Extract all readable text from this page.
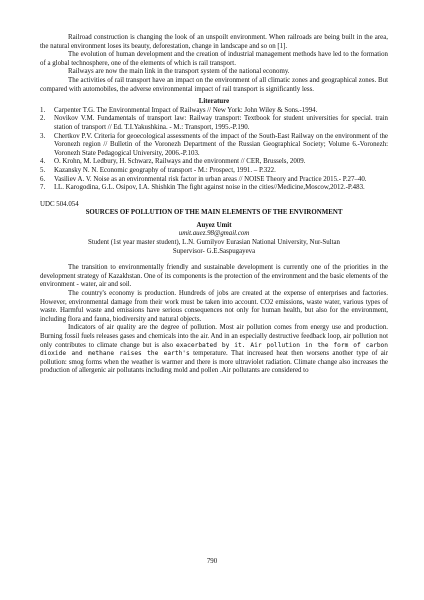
Railroad construction is changing the look of an unspoilt environment. When railroads are being built in the area, the natural environment loses its beauty, deforestation, change in landscape and so on [1].

The evolution of human development and the creation of industrial management methods have led to the formation of a global technosphere, one of the elements of which is rail transport.

Railways are now the main link in the transport system of the national economy.

The activities of rail transport have an impact on the environment of all climatic zones and geographical zones. But compared with automobiles, the adverse environmental impact of rail transport is significantly less.

Literature

1.	Carpenter T.G. The Environmental Impact of Railways // New York: John Wiley & Sons.-1994.
2.	Novikov V.M. Fundamentals of transport law: Railway transport: Textbook for student universities for special. train station of transport // Ed. T.I.Yakushkina. - M.: Transport, 1995.-P.190.
3.	Chertkov P.V. Criteria for geoecological assessments of the impact of the South-East Railway on the environment of the Voronezh region // Bulletin of the Voronezh Department of the Russian Geographical Society; Volume 6.-Voronezh: Voronezh State Pedagogical University, 2006.-P.103.
4.	O. Krohn, M. Ledbury, H. Schwarz, Railways and the environment // CER, Brussels, 2009.
5.	Kazansky N. N. Economic geography of transport - M.: Prospect, 1991. – P.322.
6.	Vasiliev A. V. Noise as an environmental risk factor in urban areas // NOISE Theory and Practice 2015.- P.27–40.
7.	I.L. Karogodina, G.L. Osipov, I.A. Shishkin The fight against noise in the cities//Medicine,Moscow,2012.-P.483.

UDC 504.054

SOURCES OF POLLUTION OF THE MAIN ELEMENTS OF THE ENVIRONMENT

Auyez Umit

umit.auez.98@gmail.com

Student (1st year master student), L.N. Gumilyov Eurasian National University, Nur-Sultan

Supervisor- G.E.Saspugayeva

The transition to environmentally friendly and sustainable development is currently one of the priorities in the development strategy of Kazakhstan. One of its components is the protection of the environment and the basic elements of the environment - water, air and soil.

The country's economy is production. Hundreds of jobs are created at the expense of enterprises and factories. However, environmental damage from their work must be taken into account. CO2 emissions, waste water, various types of waste. Harmful waste and emissions have serious consequences not only for human health, but also for the environment, including flora and fauna, biodiversity and natural objects.

Indicators of air quality are the degree of pollution. Most air pollution comes from energy use and production. Burning fossil fuels releases gases and chemicals into the air. And in an especially destructive feedback loop, air pollution not only contributes to climate change but is also exacerbated by it. Air pollution in the form of carbon dioxide and methane raises the earth's temperature. That increased heat then worsens another type of air pollution: smog forms when the weather is warmer and there is more ultraviolet radiation. Climate change also increases the production of allergenic air pollutants including mold and pollen .Air pollutants are considered to

790
